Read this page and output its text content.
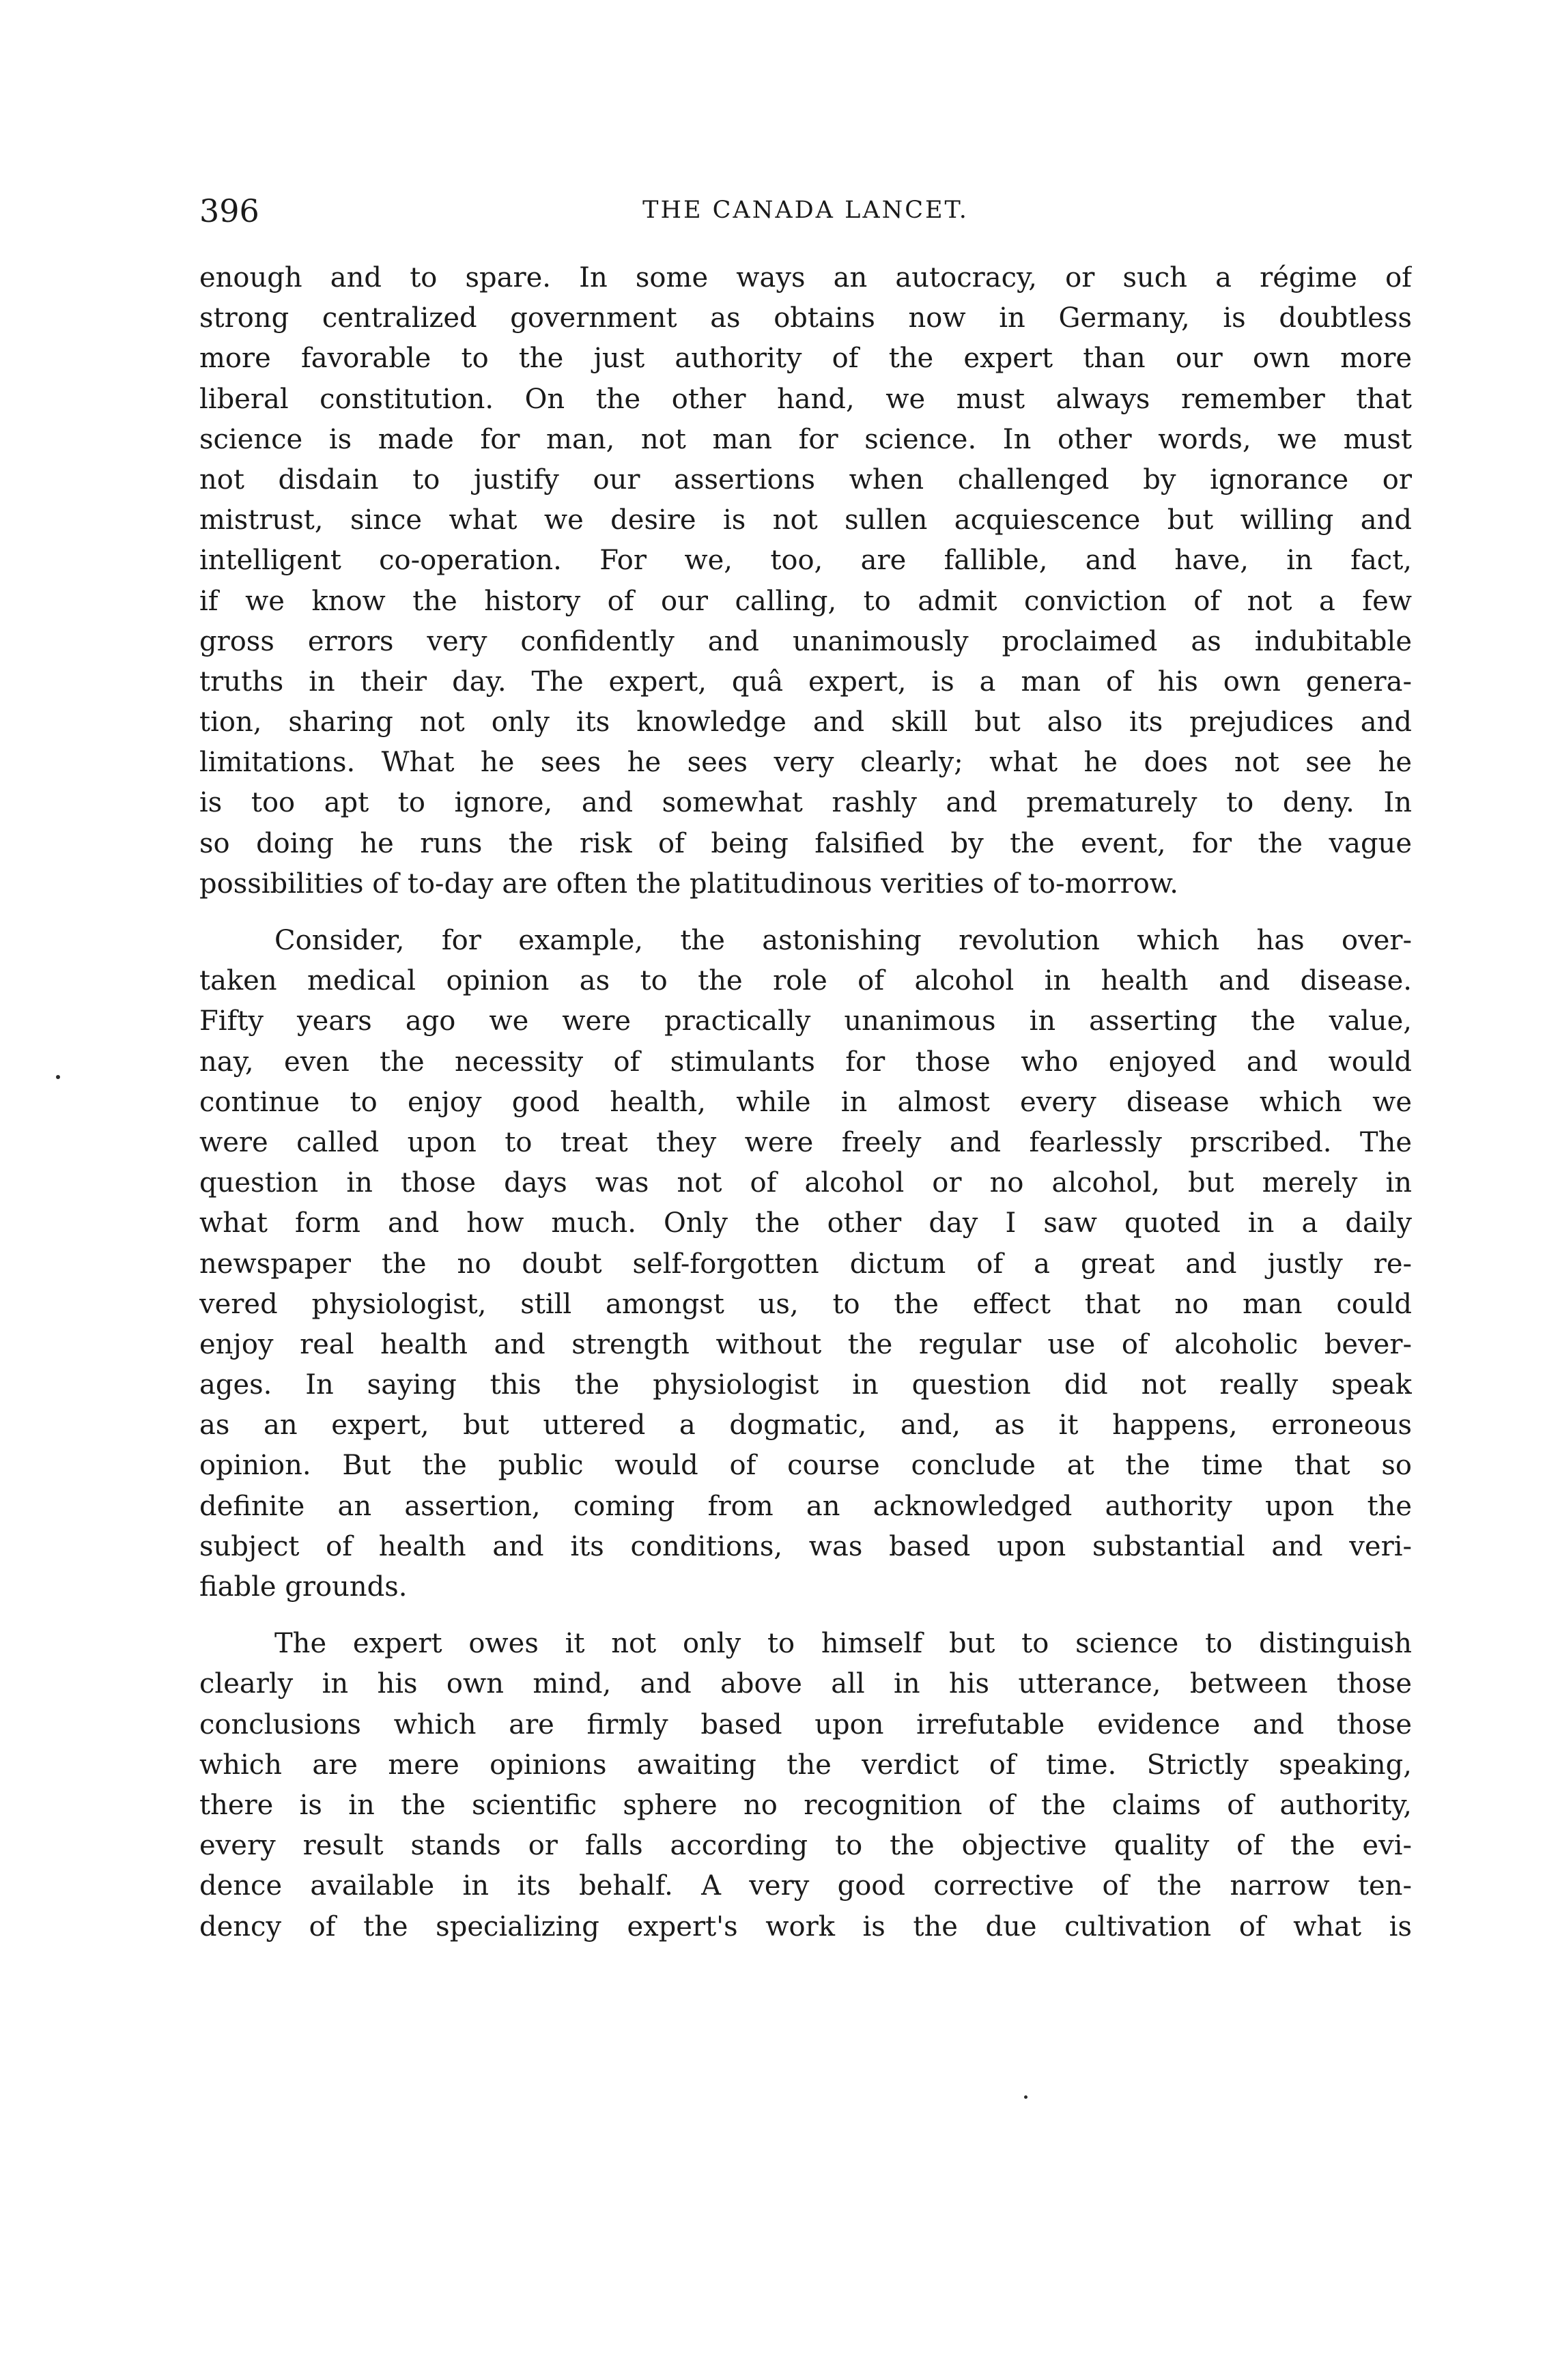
396	THE CANADA LANCET.
enough and to spare. In some ways an autocracy, or such a régime of
strong centralized government as obtains now in Germany, is doubtless
more favorable to the just authority of the expert than our own more
liberal constitution. On the other hand, we must always remember that
science is made for man, not man for science. In other words, we must
not disdain to justify our assertions when challenged by ignorance or
mistrust, since what we desire is not sullen acquiescence but willing and
intelligent co-operation. For we, too, are fallible, and have, in fact,
if we know the history of our calling, to admit conviction of not a few
gross errors very confidently and unanimously proclaimed as indubitable
truths in their day. The expert, quâ expert, is a man of his own genera-
tion, sharing not only its knowledge and skill but also its prejudices and
limitations. What he sees he sees very clearly; what he does not see he
is too apt to ignore, and somewhat rashly and prematurely to deny. In
so doing he runs the risk of being falsified by the event, for the vague
possibilities of to-day are often the platitudinous verities of to-morrow.
Consider, for example, the astonishing revolution which has over-
taken medical opinion as to the role of alcohol in health and disease.
Fifty years ago we were practically unanimous in asserting the value,
nay, even the necessity of stimulants for those who enjoyed and would
continue to enjoy good health, while in almost every disease which we
were called upon to treat they were freely and fearlessly prscribed. The
question in those days was not of alcohol or no alcohol, but merely in
what form and how much. Only the other day I saw quoted in a daily
newspaper the no doubt self-forgotten dictum of a great and justly re-
vered physiologist, still amongst us, to the effect that no man could
enjoy real health and strength without the regular use of alcoholic bever-
ages. In saying this the physiologist in question did not really speak
as an expert, but uttered a dogmatic, and, as it happens, erroneous
opinion. But the public would of course conclude at the time that so
definite an assertion, coming from an acknowledged authority upon the
subject of health and its conditions, was based upon substantial and veri-
fiable grounds.
The expert owes it not only to himself but to science to distinguish
clearly in his own mind, and above all in his utterance, between those
conclusions which are firmly based upon irrefutable evidence and those
which are mere opinions awaiting the verdict of time. Strictly speaking,
there is in the scientific sphere no recognition of the claims of authority,
every result stands or falls according to the objective quality of the evi-
dence available in its behalf. A very good corrective of the narrow ten-
dency of the specializing expert's work is the due cultivation of what is
